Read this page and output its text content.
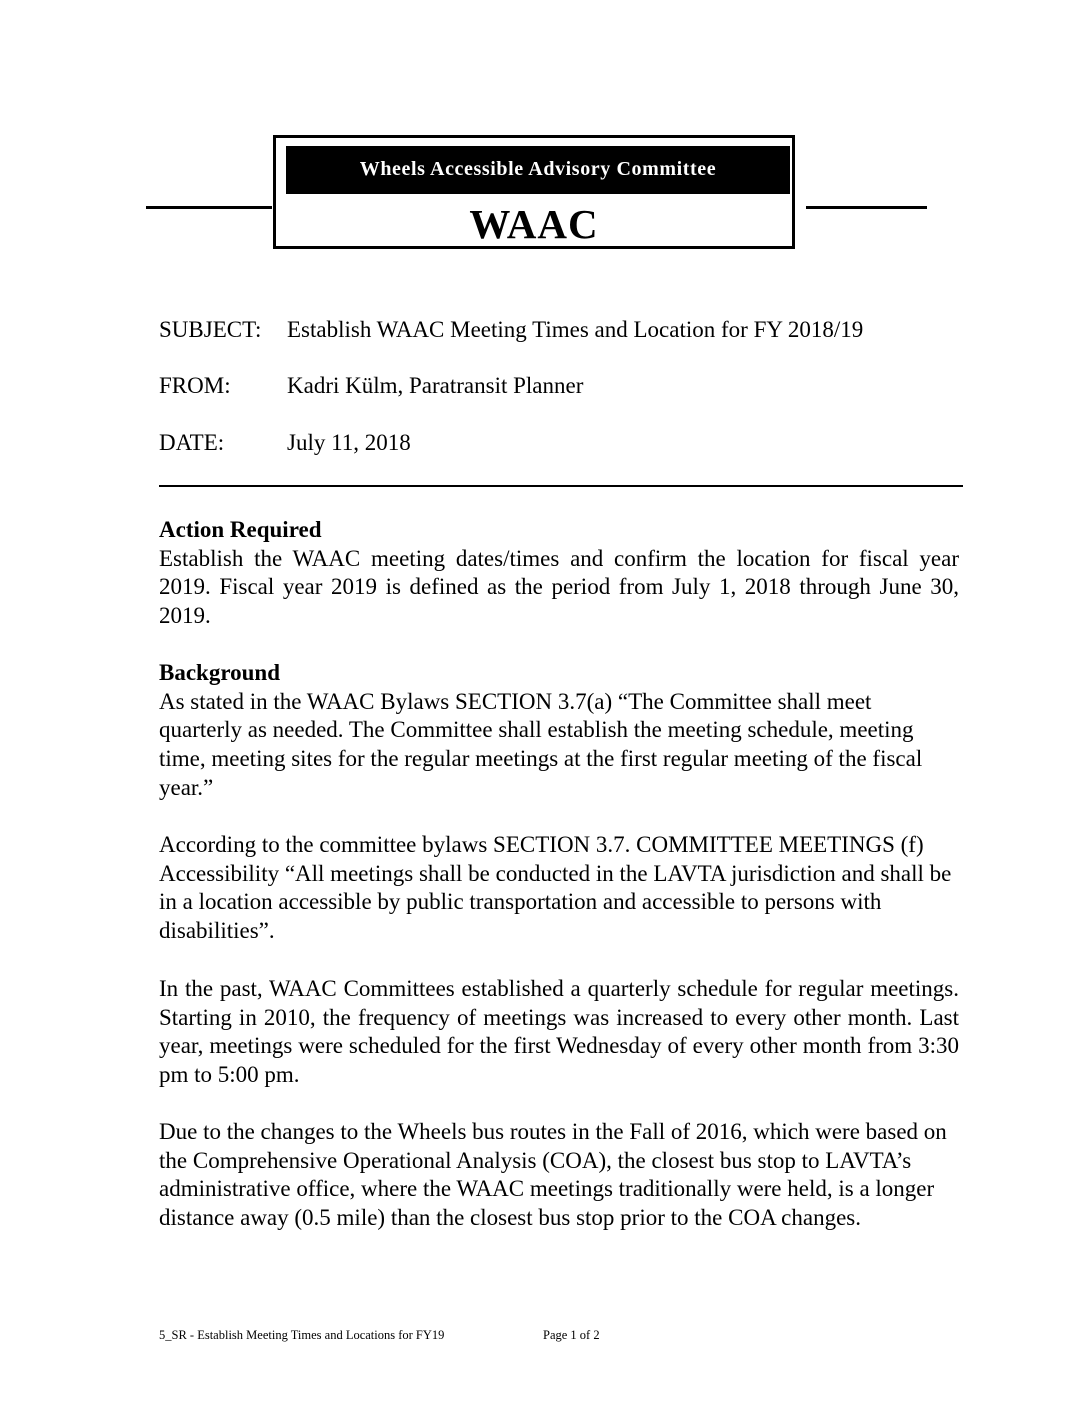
Wheels Accessible Advisory Committee
WAAC
SUBJECT: Establish WAAC Meeting Times and Location for FY 2018/19
FROM: Kadri Külm, Paratransit Planner
DATE:	July 11, 2018

Action Required

Establish the WAAC meeting dates/times and confirm the location for fiscal year 2019. Fiscal year 2019 is defined as the period from July 1, 2018 through June 30, 2019.

Background

As stated in the WAAC Bylaws SECTION 3.7(a) “The Committee shall meet quarterly as needed. The Committee shall establish the meeting schedule, meeting time, meeting sites for the regular meetings at the first regular meeting of the fiscal year.”

According to the committee bylaws SECTION 3.7. COMMITTEE MEETINGS (f) Accessibility “All meetings shall be conducted in the LAVTA jurisdiction and shall be in a location accessible by public transportation and accessible to persons with disabilities”.

In the past, WAAC Committees established a quarterly schedule for regular meetings. Starting in 2010, the frequency of meetings was increased to every other month. Last year, meetings were scheduled for the first Wednesday of every other month from 3:30 pm to 5:00 pm.

Due to the changes to the Wheels bus routes in the Fall of 2016, which were based on the Comprehensive Operational Analysis (COA), the closest bus stop to LAVTA’s administrative office, where the WAAC meetings traditionally were held, is a longer distance away (0.5 mile) than the closest bus stop prior to the COA changes.

5_SR - Establish Meeting Times and Locations for FY19	Page 1 of 2
